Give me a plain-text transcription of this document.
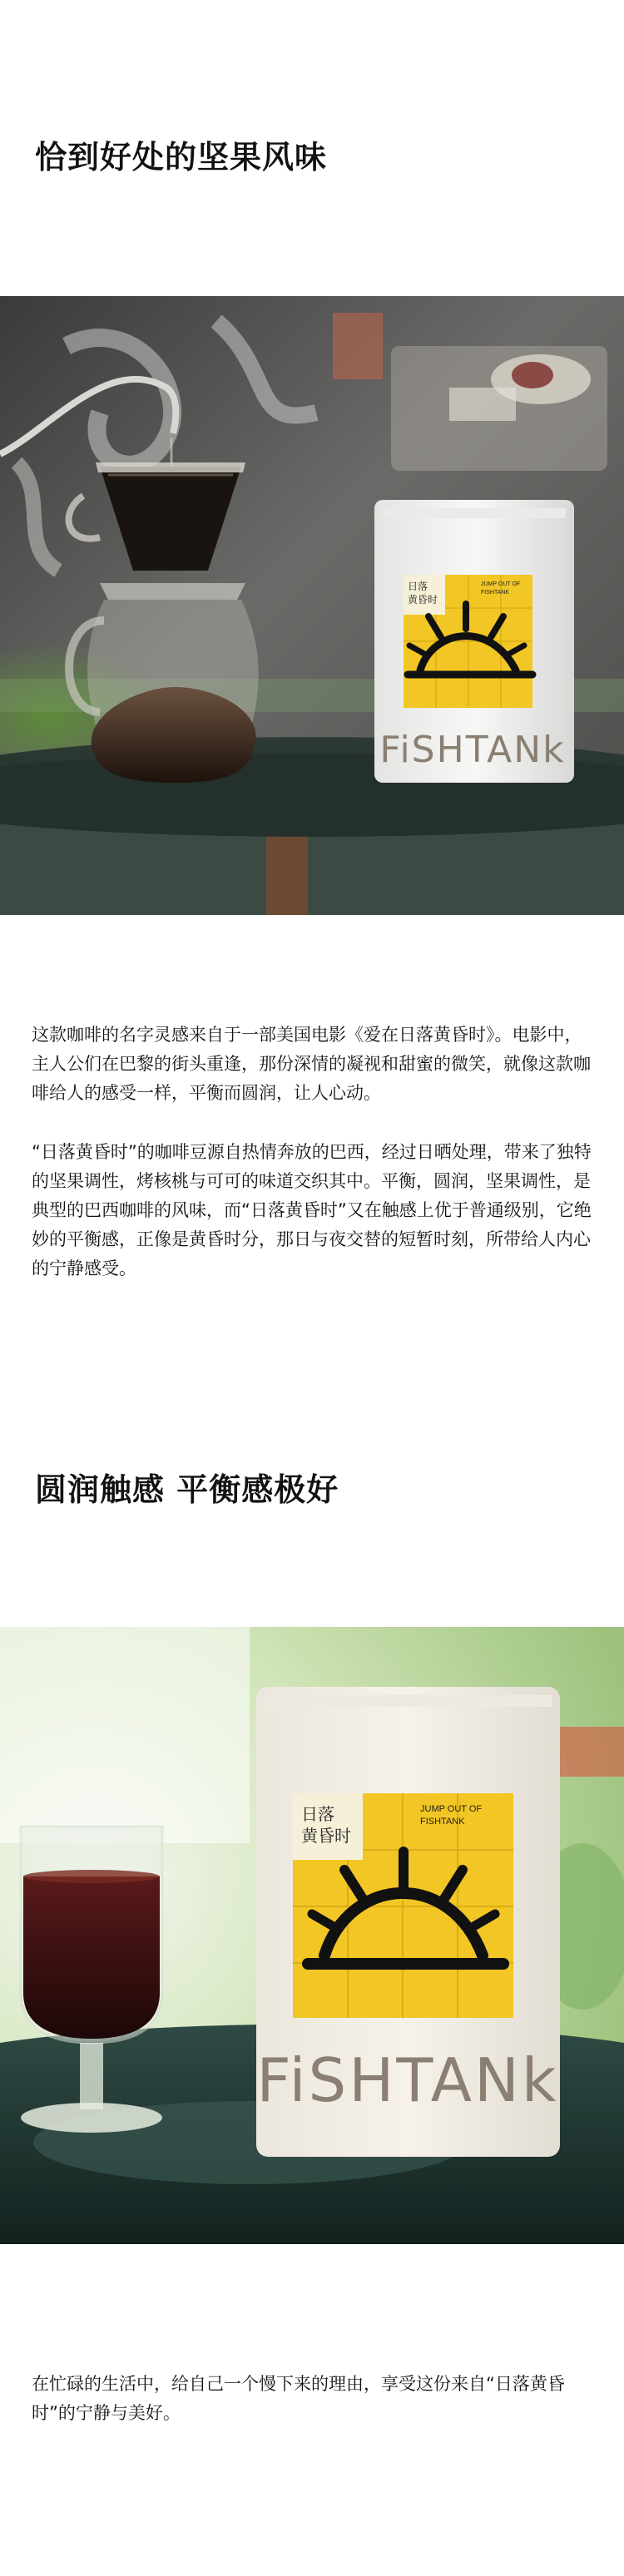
恰到好处的坚果风味
日落
黄昏时
JUMP OUT OF
FISHTANK
FiSHTANk

这款咖啡的名字灵感来自于一部美国电影《爱在日落黄昏时》。电影中，主人公们在巴黎的街头重逢，那份深情的凝视和甜蜜的微笑，就像这款咖啡给人的感受一样，平衡而圆润，让人心动。

“日落黄昏时”的咖啡豆源自热情奔放的巴西，经过日晒处理，带来了独特的坚果调性，烤核桃与可可的味道交织其中。平衡，圆润，坚果调性，是典型的巴西咖啡的风味，而“日落黄昏时”又在触感上优于普通级别，它绝妙的平衡感，正像是黄昏时分，那日与夜交替的短暂时刻，所带给人内心的宁静感受。

圆润触感 平衡感极好
日落
黄昏时
JUMP OUT OF
FISHTANK
FiSHTANk

在忙碌的生活中，给自己一个慢下来的理由，享受这份来自“日落黄昏时”的宁静与美好。
